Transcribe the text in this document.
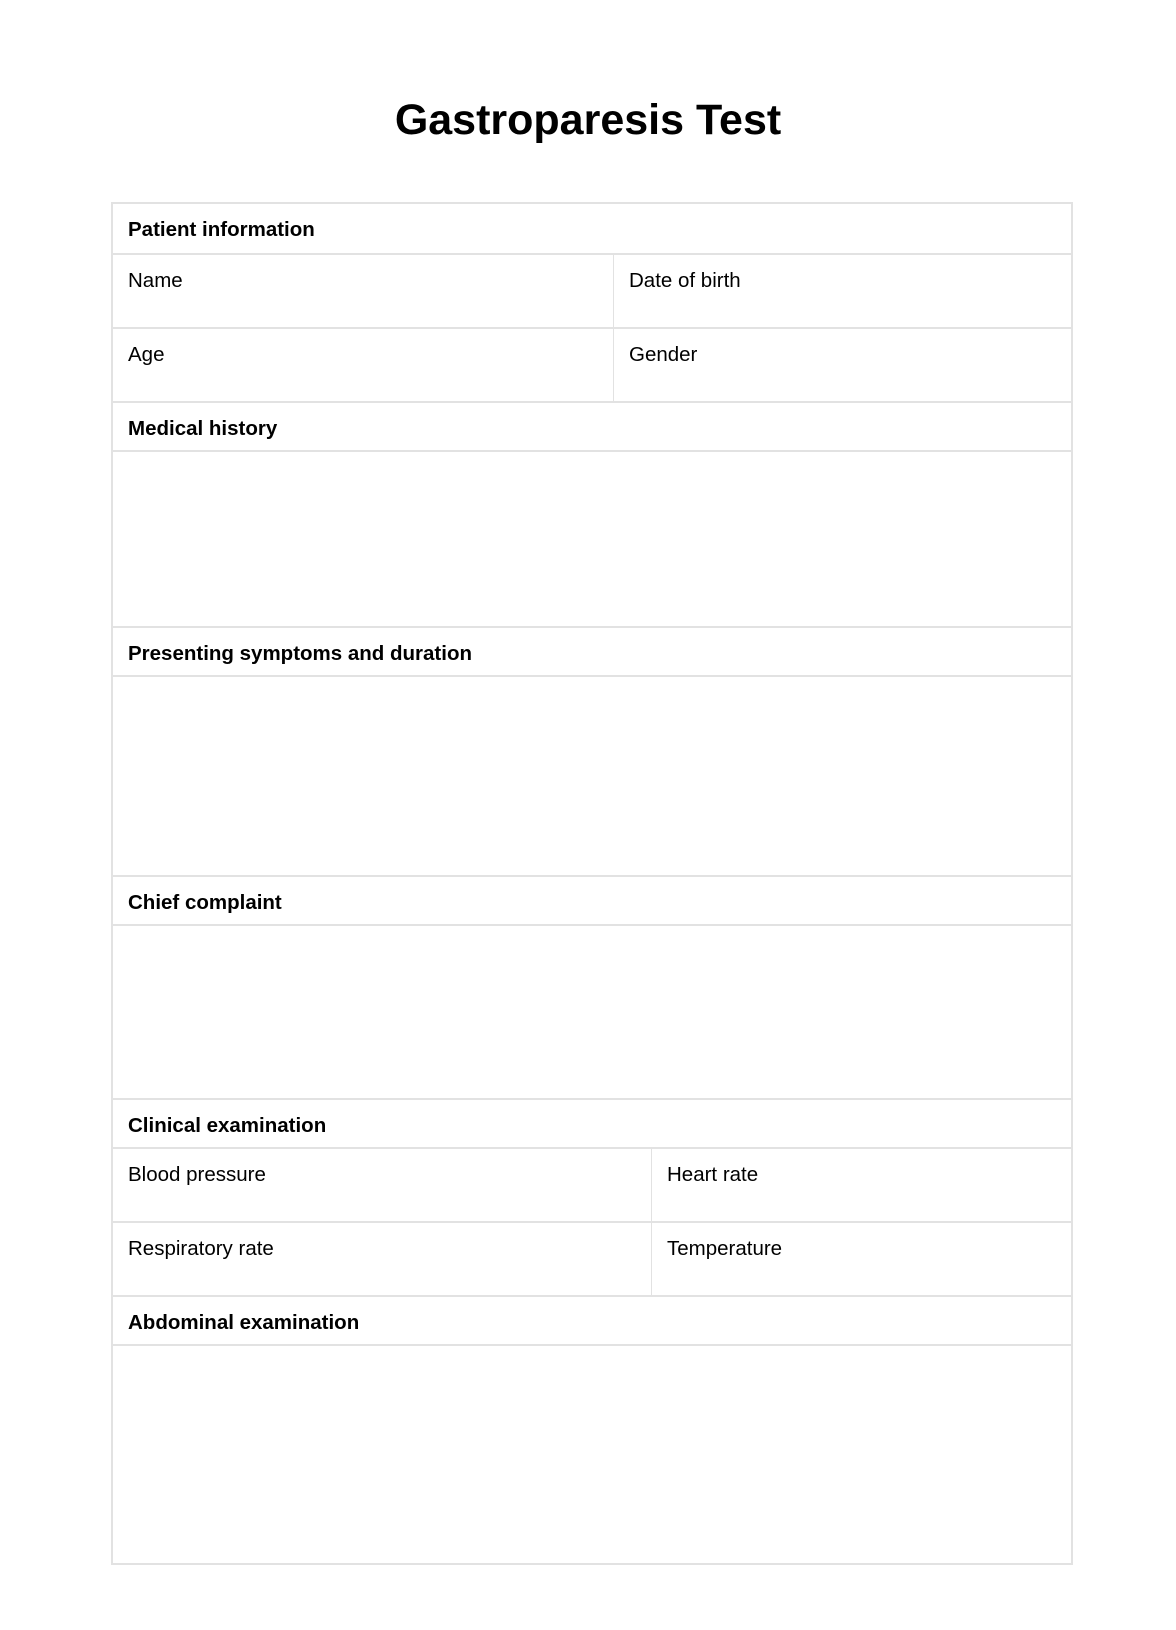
Gastroparesis Test
Patient information
Name	Date of birth
Age	Gender
Medical history
Presenting symptoms and duration
Chief complaint
Clinical examination
Blood pressure	Heart rate
Respiratory rate	Temperature
Abdominal examination
